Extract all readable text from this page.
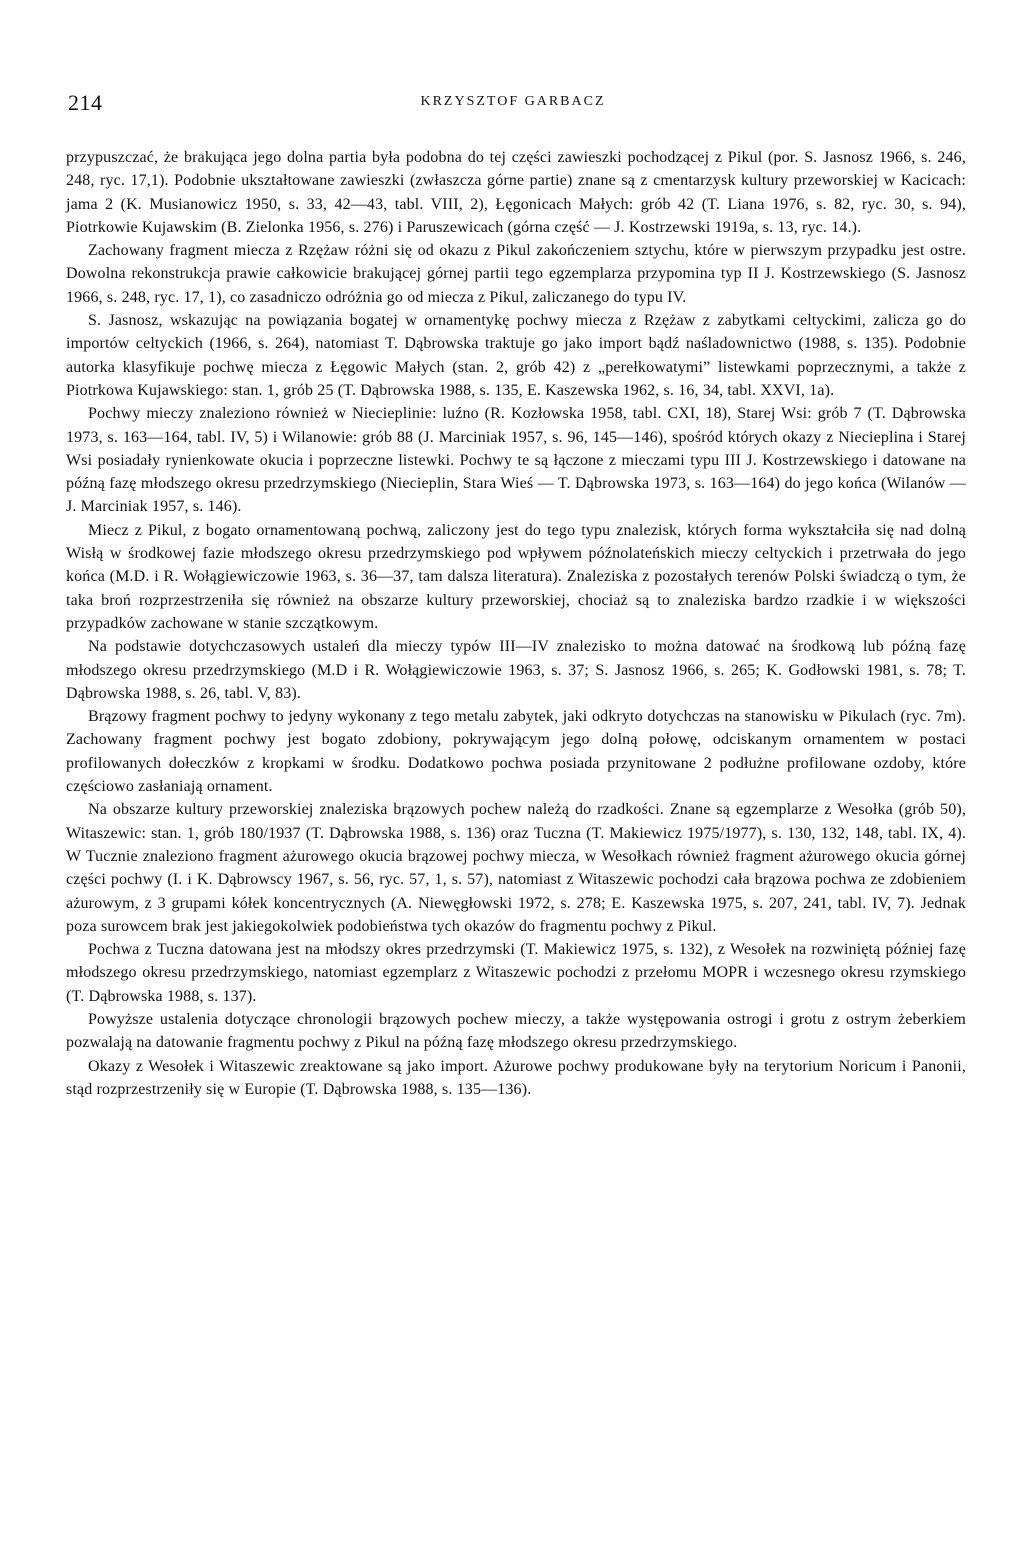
214	KRZYSZTOF GARBACZ

przypuszczać, że brakująca jego dolna partia była podobna do tej części zawieszki pochodzącej z Pikul (por. S. Jasnosz 1966, s. 246, 248, ryc. 17,1). Podobnie ukształtowane zawieszki (zwłaszcza górne partie) znane są z cmentarzysk kultury przeworskiej w Kacicach: jama 2 (K. Musianowicz 1950, s. 33, 42—43, tabl. VIII, 2), Łęgonicach Małych: grób 42 (T. Liana 1976, s. 82, ryc. 30, s. 94), Piotrkowie Kujawskim (B. Zielonka 1956, s. 276) i Paruszewicach (górna część — J. Kostrzewski 1919a, s. 13, ryc. 14.).

Zachowany fragment miecza z Rzężaw różni się od okazu z Pikul zakończeniem sztychu, które w pierwszym przypadku jest ostre. Dowolna rekonstrukcja prawie całkowicie brakującej górnej partii tego egzemplarza przypomina typ II J. Kostrzewskiego (S. Jasnosz 1966, s. 248, ryc. 17, 1), co zasadniczo odróżnia go od miecza z Pikul, zaliczanego do typu IV.

S. Jasnosz, wskazując na powiązania bogatej w ornamentykę pochwy miecza z Rzężaw z zabytkami celtyckimi, zalicza go do importów celtyckich (1966, s. 264), natomiast T. Dąbrowska traktuje go jako import bądź naśladownictwo (1988, s. 135). Podobnie autorka klasyfikuje pochwę miecza z Łęgowic Małych (stan. 2, grób 42) z „perełkowatymi” listewkami poprzecznymi, a także z Piotrkowa Kujawskiego: stan. 1, grób 25 (T. Dąbrowska 1988, s. 135, E. Kaszewska 1962, s. 16, 34, tabl. XXVI, 1a).

Pochwy mieczy znaleziono również w Niecieplinie: luźno (R. Kozłowska 1958, tabl. CXI, 18), Starej Wsi: grób 7 (T. Dąbrowska 1973, s. 163—164, tabl. IV, 5) i Wilanowie: grób 88 (J. Marciniak 1957, s. 96, 145—146), spośród których okazy z Niecieplina i Starej Wsi posiadały rynienkowate okucia i poprzeczne listewki. Pochwy te są łączone z mieczami typu III J. Kostrzewskiego i datowane na późną fazę młodszego okresu przedrzymskiego (Niecieplin, Stara Wieś — T. Dąbrowska 1973, s. 163—164) do jego końca (Wilanów — J. Marciniak 1957, s. 146).

Miecz z Pikul, z bogato ornamentowaną pochwą, zaliczony jest do tego typu znalezisk, których forma wykształciła się nad dolną Wisłą w środkowej fazie młodszego okresu przedrzymskiego pod wpływem późnolateńskich mieczy celtyckich i przetrwała do jego końca (M.D. i R. Wołągiewiczowie 1963, s. 36—37, tam dalsza literatura). Znaleziska z pozostałych terenów Polski świadczą o tym, że taka broń rozprzestrzeniła się również na obszarze kultury przeworskiej, chociaż są to znaleziska bardzo rzadkie i w większości przypadków zachowane w stanie szczątkowym.

Na podstawie dotychczasowych ustaleń dla mieczy typów III—IV znalezisko to można datować na środkową lub późną fazę młodszego okresu przedrzymskiego (M.D i R. Wołągiewiczowie 1963, s. 37; S. Jasnosz 1966, s. 265; K. Godłowski 1981, s. 78; T. Dąbrowska 1988, s. 26, tabl. V, 83).

Brązowy fragment pochwy to jedyny wykonany z tego metalu zabytek, jaki odkryto dotychczas na stanowisku w Pikulach (ryc. 7m). Zachowany fragment pochwy jest bogato zdobiony, pokrywającym jego dolną połowę, odciskanym ornamentem w postaci profilowanych dołeczków z kropkami w środku. Dodatkowo pochwa posiada przynitowane 2 podłużne profilowane ozdoby, które częściowo zasłaniają ornament.

Na obszarze kultury przeworskiej znaleziska brązowych pochew należą do rzadkości. Znane są egzemplarze z Wesołka (grób 50), Witaszewic: stan. 1, grób 180/1937 (T. Dąbrowska 1988, s. 136) oraz Tuczna (T. Makiewicz 1975/1977), s. 130, 132, 148, tabl. IX, 4). W Tucznie znaleziono fragment ażurowego okucia brązowej pochwy miecza, w Wesołkach również fragment ażurowego okucia górnej części pochwy (I. i K. Dąbrowscy 1967, s. 56, ryc. 57, 1, s. 57), natomiast z Witaszewic pochodzi cała brązowa pochwa ze zdobieniem ażurowym, z 3 grupami kółek koncentrycznych (A. Niewęgłowski 1972, s. 278; E. Kaszewska 1975, s. 207, 241, tabl. IV, 7). Jednak poza surowcem brak jest jakiegokolwiek podobieństwa tych okazów do fragmentu pochwy z Pikul.

Pochwa z Tuczna datowana jest na młodszy okres przedrzymski (T. Makiewicz 1975, s. 132), z Wesołek na rozwiniętą później fazę młodszego okresu przedrzymskiego, natomiast egzemplarz z Witaszewic pochodzi z przełomu MOPR i wczesnego okresu rzymskiego (T. Dąbrowska 1988, s. 137).

Powyższe ustalenia dotyczące chronologii brązowych pochew mieczy, a także występowania ostrogi i grotu z ostrym żeberkiem pozwalają na datowanie fragmentu pochwy z Pikul na późną fazę młodszego okresu przedrzymskiego.

Okazy z Wesołek i Witaszewic zreaktowane są jako import. Ażurowe pochwy produkowane były na terytorium Noricum i Panonii, stąd rozprzestrzeniły się w Europie (T. Dąbrowska 1988, s. 135—136).
